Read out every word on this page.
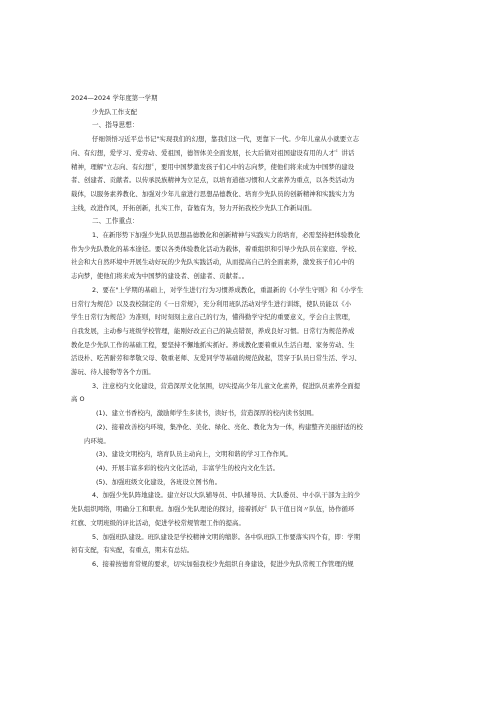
2024—2024 学年度第一学期
少先队工作支配
一、指导思想：
仔细领悟习近平总书记"实现我们的幻想，靠我们这一代，更靠下一代。少年儿童从小就要立志
向、有幻想，爱学习、爱劳动、爱祖国，德智体美全面发展，长大后做对祖国建设有用的人才〞讲话
精神，理解"立志向、有幻想〞，要用中国梦激发孩子们心中的志向梦，使他们将来成为中国梦的建设
者、创建者、贡献者。以传承民族精神为立足点，以培育道德习惯和人文素养为重点，以各类活动为
载体，以服务素养教化、加强对少年儿童进行思想品德教化、培育少先队员的创新精神和实践实力为
主线，改进作风，开拓创新，扎实工作，奋勉有为，努力开拓我校少先队工作新局面。
二、工作重点：
1、在新形势下加强少先队员思想品德教化和创新精神与实践实力的培育，必需坚持把体验教化
作为少先队教化的基本途径。要以各类体验教化活动为载体，着重组织和引导少先队员在家庭、学校、
社会和大自然环境中开展生动好玩的少先队实践活动，从而提高自己的全面素养，激发孩子们心中的
志向梦，使他们将来成为中国梦的建设者、创建者、贡献者。。
2、要在"上学期的基础上，对学生进行行为习惯养成教化，重温新的《小学生守则》和《小学生
日常行为规范》以及我校制定的《一日常规》，充分利用班队活动对学生进行训练，使队员能以《小
学生日常行为规范》为准则，时时刻刻主意自己的行为，懂得勤学守纪的重要意义，学会自主管理，
自我发展，主动参与班级学校管理，能刚好改正自己的缺点错误，养成良好习惯。日常行为规范养成
教化是少先队工作的基础工程，要坚持不懈地抓实抓好。养成教化要着重从生活自理、家务劳动、生
活设朴、吃苦耐劳和孝敬父母、敬重老师、友爱同学等基础的规范做起，贯穿于队员日常生活、学习、
游玩、待人接物等各个方面。
3、注意校内文化建设，营造深厚文化氛围，切实提高少年儿童文化素养，促进队员素养全面提
高 O
(1)、建立书香校内，激励师学生多读书，读好书，营造深厚的校内读书氛围。
(2)、接着改善校内环境，集净化、美化、绿化、亮化、教化为为一体，构建整齐美丽舒适的校
内环境。
(3)、建设文明校内，培育队员主动向上，文明和谐的学习工作作风。
(4)、开展丰富多彩的校内文化活动，丰富学生的校内文化生活。
(5)、加强班级文化建设，各班设立图书角。
4、加强少先队阵地建设。建立好以大队辅导员、中队辅导员、大队委员、中小队干部为主的少
先队组织网络，明确分工和职责。加强少先队理论的探讨，接着抓好〞队干值日岗〃队伍，协作循环
红旗、文明班级的评比活动，促进学校常规管理工作的提高。
5、加强班队建设。班队建设是学校精神文明的缩影。各中队班队工作要落实四个有，即：学期
初有支配，有实配，有重点，期末有总结。
6、接着按德育常规的要求，切实加强我校少先组织自身建设，促进少先队常规工作管理的规
